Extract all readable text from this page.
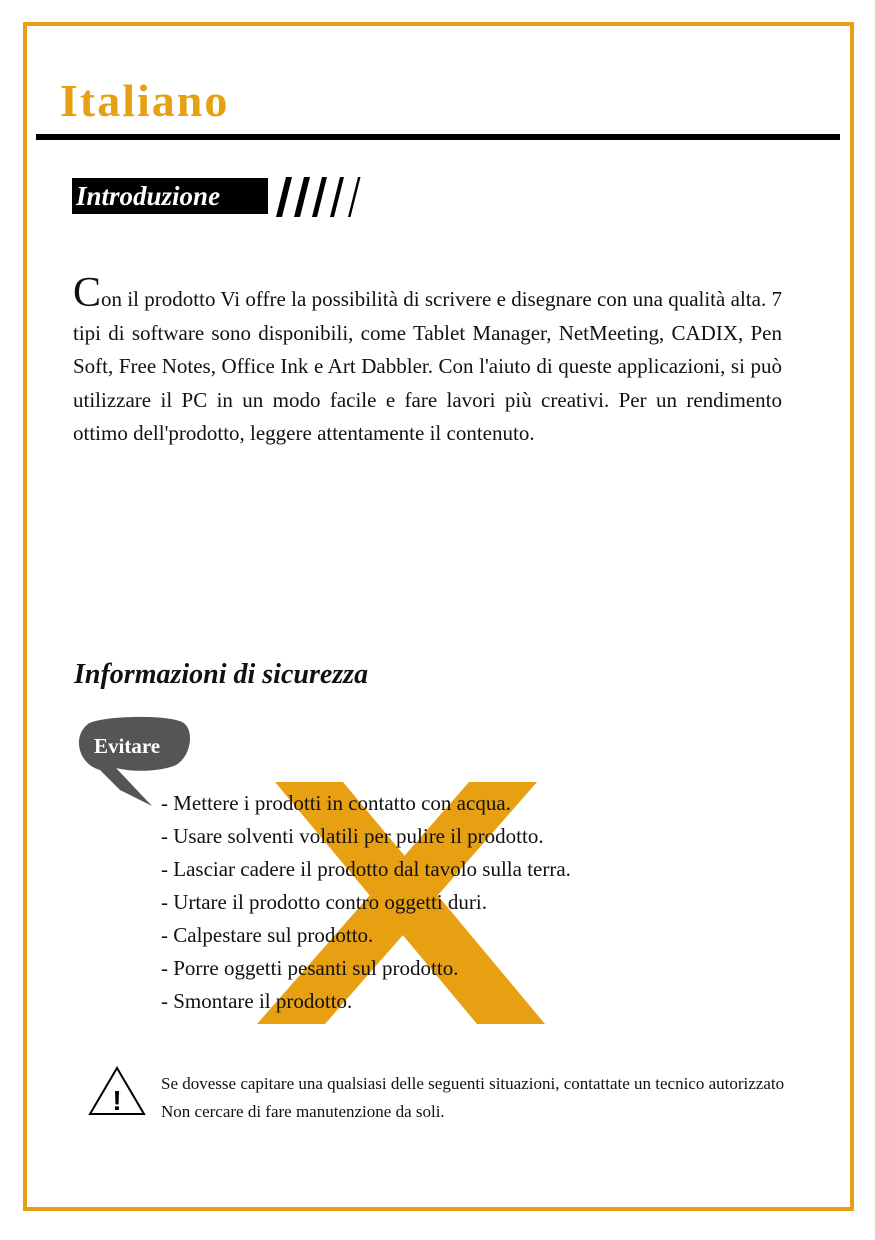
Italiano
Introduzione

Con il prodotto Vi offre la possibilità di scrivere e disegnare con una qualità alta. 7 tipi di software sono disponibili, come Tablet Manager, NetMeeting, CADIX, Pen Soft, Free Notes, Office Ink e Art Dabbler. Con l'aiuto di queste applicazioni, si può utilizzare il PC in un modo facile e fare lavori più creativi. Per un rendimento ottimo dell'prodotto, leggere attentamente il contenuto.

Informazioni di sicurezza
Evitare
- Mettere i prodotti in contatto con acqua.
- Usare solventi volatili per pulire il prodotto.
- Lasciar cadere il prodotto dal tavolo sulla terra.
- Urtare il prodotto contro oggetti duri.
- Calpestare sul prodotto.
- Porre oggetti pesanti sul prodotto.
- Smontare il prodotto.
!

Se dovesse capitare una qualsiasi delle seguenti situazioni, contattate un tecnico autorizzato Non cercare di fare manutenzione da soli.
